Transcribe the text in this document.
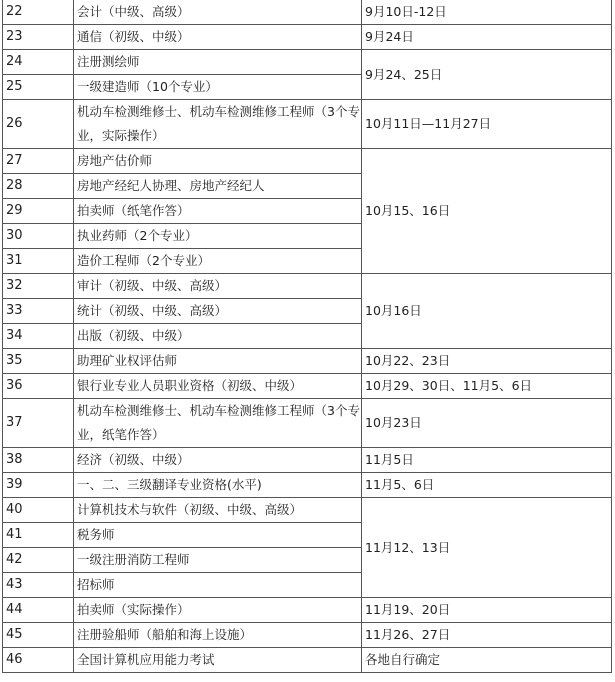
22	会计（中级、高级）	9月10日-12日
23	通信（初级、中级）	9月24日
24	注册测绘师	9月24、25日
25	一级建造师（10个专业）	
26	机动车检测维修士、机动车检测维修工程师（3个专业，实际操作）	10月11日—11月27日
27	房地产估价师	10月15、16日
28	房地产经纪人协理、房地产经纪人	
29	拍卖师（纸笔作答）	
30	执业药师（2个专业）	
31	造价工程师（2个专业）	
32	审计（初级、中级、高级）	10月16日
33	统计（初级、中级、高级）	
34	出版（初级、中级）	
35	助理矿业权评估师	10月22、23日
36	银行业专业人员职业资格（初级、中级）	10月29、30日、11月5、6日
37	机动车检测维修士、机动车检测维修工程师（3个专业，纸笔作答）	10月23日
38	经济（初级、中级）	11月5日
39	一、二、三级翻译专业资格(水平)	11月5、6日
40	计算机技术与软件（初级、中级、高级）	11月12、13日
41	税务师	
42	一级注册消防工程师	
43	招标师	
44	拍卖师（实际操作）	11月19、20日
45	注册验船师（船舶和海上设施）	11月26、27日
46	全国计算机应用能力考试	各地自行确定
